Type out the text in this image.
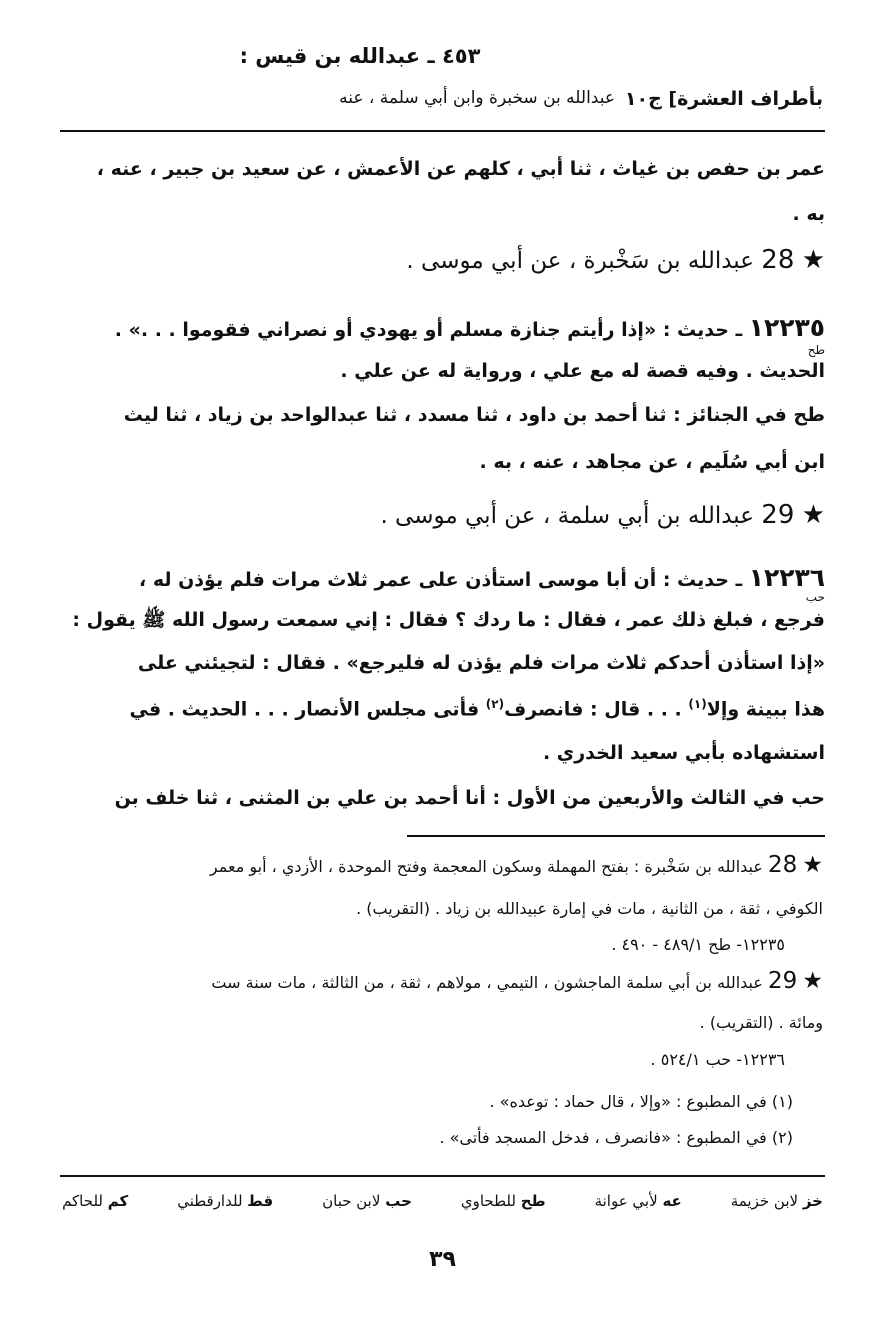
٤٥٣ ـ عبدالله بن قيس :
بأطراف العشرة] ج١٠
عبدالله بن سخبرة وابن أبي سلمة ، عنه
عمر بن حفص بن غياث ، ثنا أبي ، كلهم عن الأعمش ، عن سعيد بن جبير ، عنه ،
به .
★ 28 عبدالله بن سَخْبرة ، عن أبي موسى .
١٢٢٣٥ ـ حديث : «إذا رأيتم جنازة مسلم أو يهودي أو نصراني فقوموا . . .» .
طح
الحديث . وفيه قصة له مع علي ، ورواية له عن علي .
طح في الجنائز : ثنا أحمد بن داود ، ثنا مسدد ، ثنا عبدالواحد بن زياد ، ثنا ليث
ابن أبي سُلَيم ، عن مجاهد ، عنه ، به .
★ 29 عبدالله بن أبي سلمة ، عن أبي موسى .
١٢٢٣٦ ـ حديث : أن أبا موسى استأذن على عمر ثلاث مرات فلم يؤذن له ،
حب
فرجع ، فبلغ ذلك عمر ، فقال : ما ردك ؟ فقال : إني سمعت رسول الله ﷺ يقول :
«إذا استأذن أحدكم ثلاث مرات فلم يؤذن له فليرجع» . فقال : لتجيئني على
هذا ببينة وإلا$^{(١)}$ . . . قال : فانصرف$^{(٢)}$ فأتى مجلس الأنصار . . . الحديث . في
استشهاده بأبي سعيد الخدري .
حب في الثالث والأربعين من الأول : أنا أحمد بن علي بن المثنى ، ثنا خلف بن
★ 28 عبدالله بن سَخْبرة : بفتح المهملة وسكون المعجمة وفتح الموحدة ، الأزدي ، أبو معمر
الكوفي ، ثقة ، من الثانية ، مات في إمارة عبيدالله بن زياد . (التقريب) .
١٢٢٣٥- طح ٤٨٩/١ - ٤٩٠ .
★ 29 عبدالله بن أبي سلمة الماجشون ، التيمي ، مولاهم ، ثقة ، من الثالثة ، مات سنة ست
ومائة . (التقريب) .
١٢٢٣٦- حب ٥٢٤/١ .
(١) في المطبوع : «وإلا ، قال حماد : توعده» .
(٢) في المطبوع : «فانصرف ، فدخل المسجد فأتى» .
خز لابن خزيمة
عه لأبي عوانة
طح للطحاوي
حب لابن حبان
قط للدارقطني
كم للحاكم
٣٩
